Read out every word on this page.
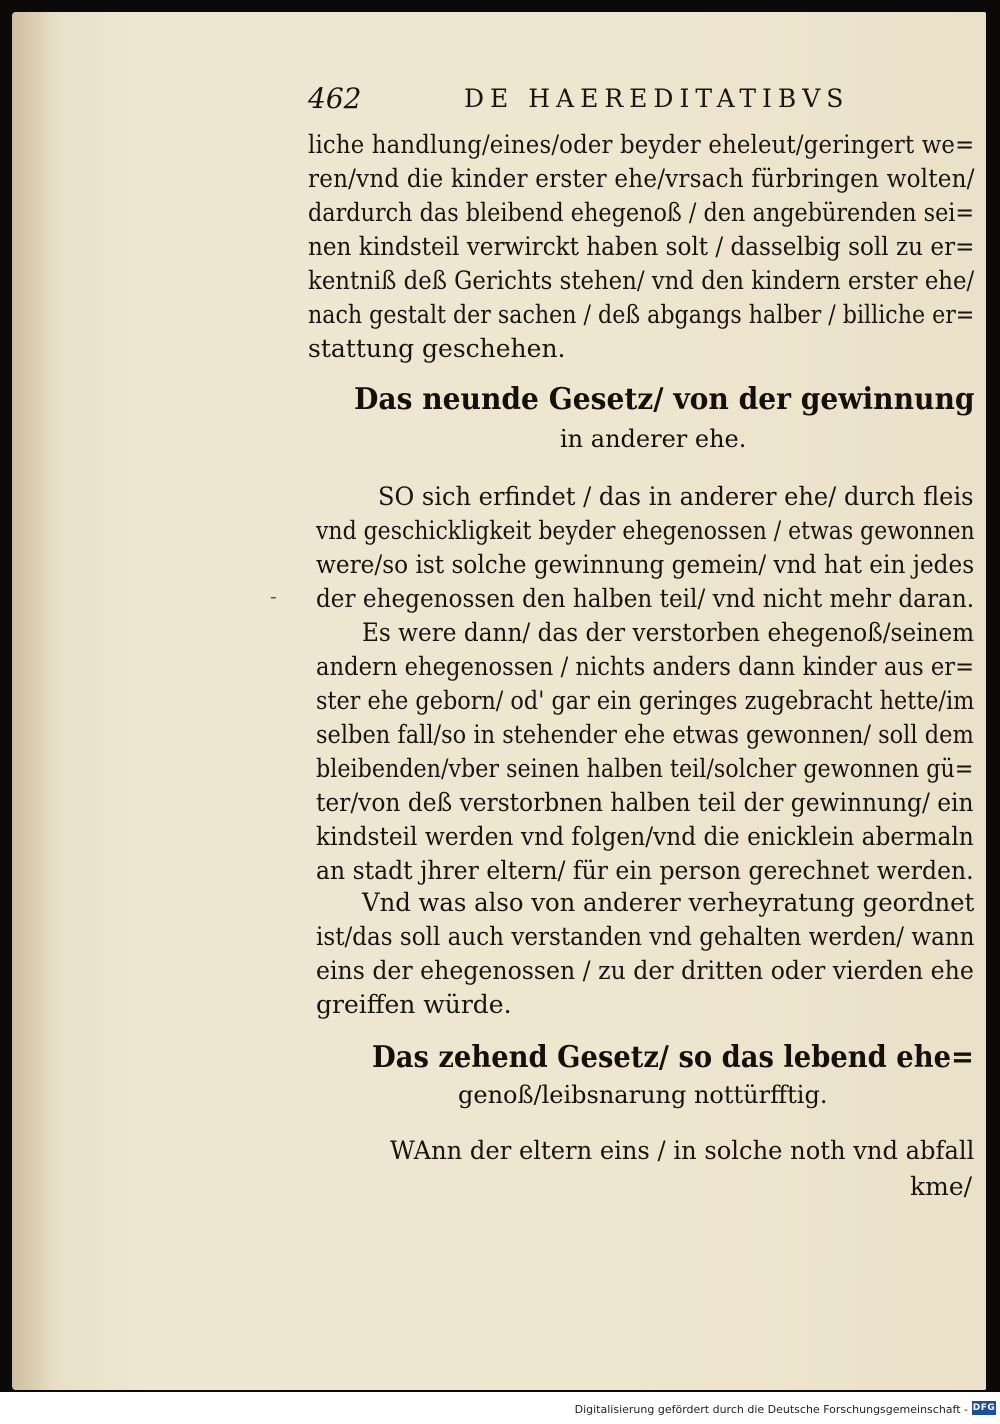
462	DE HAEREDITATIBVS
-
liche handlung/eines/oder beyder eheleut/geringert we=
ren/vnd die kinder erster ehe/vrsach fürbringen wolten/
dardurch das bleibend ehegenoß / den angebürenden sei=
nen kindsteil verwirckt haben solt / dasselbig soll zu er=
kentniß deß Gerichts stehen/ vnd den kindern erster ehe/
nach gestalt der sachen / deß abgangs halber / billiche er=
stattung geschehen.
Das neunde Gesetz/ von der gewinnung
in anderer ehe.
SO sich erfindet / das in anderer ehe/ durch fleis
vnd geschickligkeit beyder ehegenossen / etwas gewonnen
were/so ist solche gewinnung gemein/ vnd hat ein jedes
der ehegenossen den halben teil/ vnd nicht mehr daran.
Es were dann/ das der verstorben ehegenoß/seinem
andern ehegenossen / nichts anders dann kinder aus er=
ster ehe geborn/ od' gar ein geringes zugebracht hette/im
selben fall/so in stehender ehe etwas gewonnen/ soll dem
bleibenden/vber seinen halben teil/solcher gewonnen gü=
ter/von deß verstorbnen halben teil der gewinnung/ ein
kindsteil werden vnd folgen/vnd die enicklein abermaln
an stadt jhrer eltern/ für ein person gerechnet werden.
Vnd was also von anderer verheyratung geordnet
ist/das soll auch verstanden vnd gehalten werden/ wann
eins der ehegenossen / zu der dritten oder vierden ehe
greiffen würde.
Das zehend Gesetz/ so das lebend ehe=
genoß/leibsnarung nottürfftig.
WAnn der eltern eins / in solche noth vnd abfall
kme/
Digitalisierung gefördert durch die Deutsche Forschungsgemeinschaft - DFG
